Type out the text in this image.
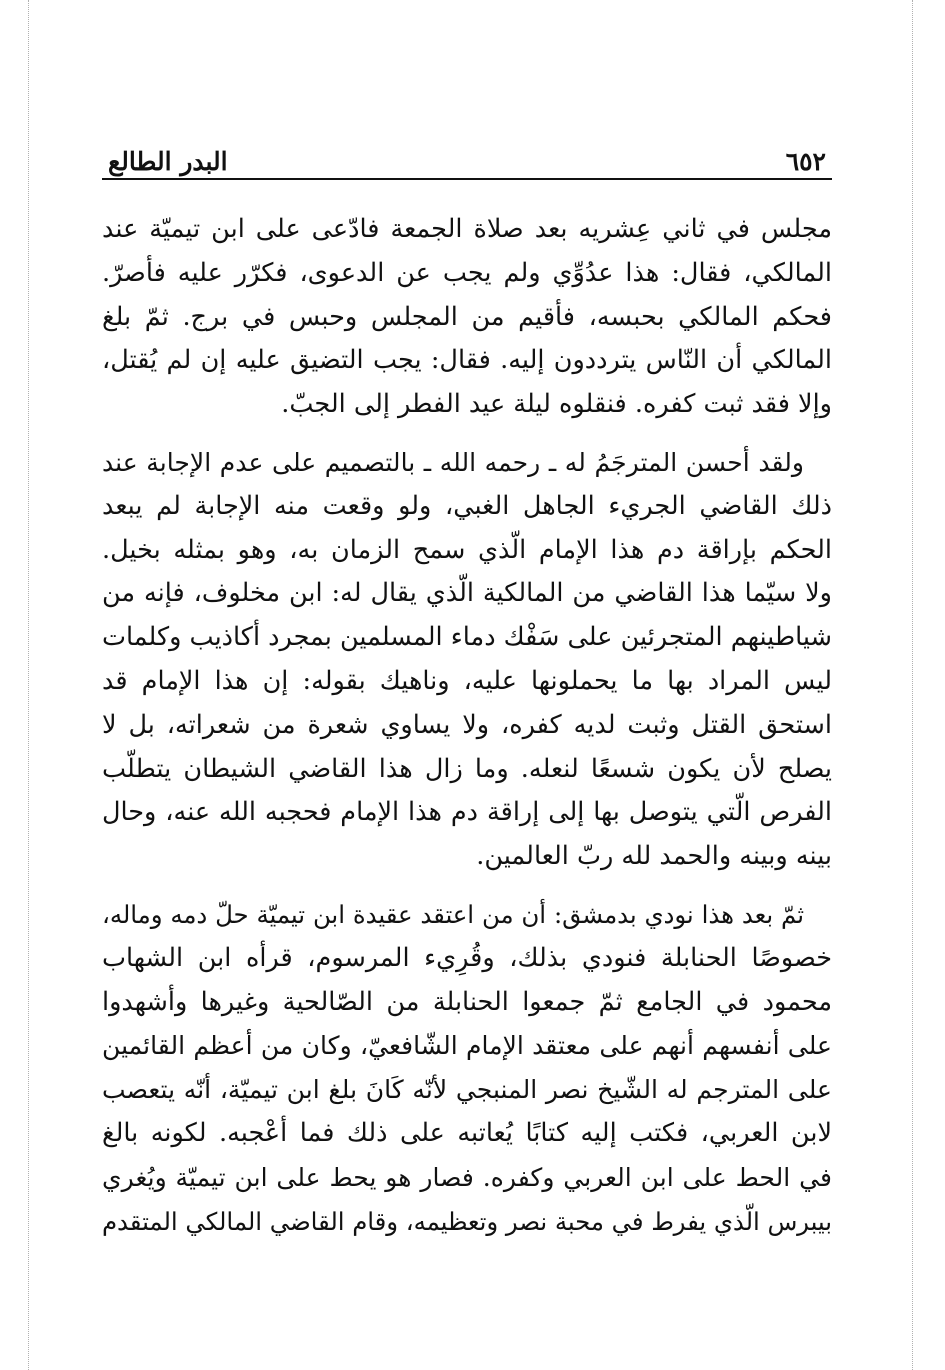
٦٥٢
البدر الطالع
مجلس في ثاني عِشريه بعد صلاة الجمعة فادّعى على ابن تيميّة عند
المالكي، فقال: هذا عدُوِّي ولم يجب عن الدعوى، فكرّر عليه فأصرّ.
فحكم المالكي بحبسه، فأقيم من المجلس وحبس في برج. ثمّ بلغ
المالكي أن النّاس يترددون إليه. فقال: يجب التضيق عليه إن لم يُقتل،
وإلا فقد ثبت كفره. فنقلوه ليلة عيد الفطر إلى الجبّ.
ولقد أحسن المترجَمُ له ـ رحمه الله ـ بالتصميم على عدم الإجابة عند
ذلك القاضي الجريء الجاهل الغبي، ولو وقعت منه الإجابة لم يبعد
الحكم بإراقة دم هذا الإمام الّذي سمح الزمان به، وهو بمثله بخيل.
ولا سيّما هذا القاضي من المالكية الّذي يقال له: ابن مخلوف، فإنه من
شياطينهم المتجرئين على سَفْك دماء المسلمين بمجرد أكاذيب وكلمات
ليس المراد بها ما يحملونها عليه، وناهيك بقوله: إن هذا الإمام قد
استحق القتل وثبت لديه كفره، ولا يساوي شعرة من شعراته، بل لا
يصلح لأن يكون شسعًا لنعله. وما زال هذا القاضي الشيطان يتطلّب
الفرص الّتي يتوصل بها إلى إراقة دم هذا الإمام فحجبه الله عنه، وحال
بينه وبينه والحمد لله ربّ العالمين.
ثمّ بعد هذا نودي بدمشق: أن من اعتقد عقيدة ابن تيميّة حلّ دمه وماله،
خصوصًا الحنابلة فنودي بذلك، وقُرِيء المرسوم، قرأه ابن الشهاب
محمود في الجامع ثمّ جمعوا الحنابلة من الصّالحية وغيرها وأشهدوا
على أنفسهم أنهم على معتقد الإمام الشّافعيّ، وكان من أعظم القائمين
على المترجم له الشّيخ نصر المنبجي لأنّه كَانَ بلغ ابن تيميّة، أنّه يتعصب
لابن العربي، فكتب إليه كتابًا يُعاتبه على ذلك فما أعْجبه. لكونه بالغ
في الحط على ابن العربي وكفره. فصار هو يحط على ابن تيميّة ويُغري
بيبرس الّذي يفرط في محبة نصر وتعظيمه، وقام القاضي المالكي المتقدم
